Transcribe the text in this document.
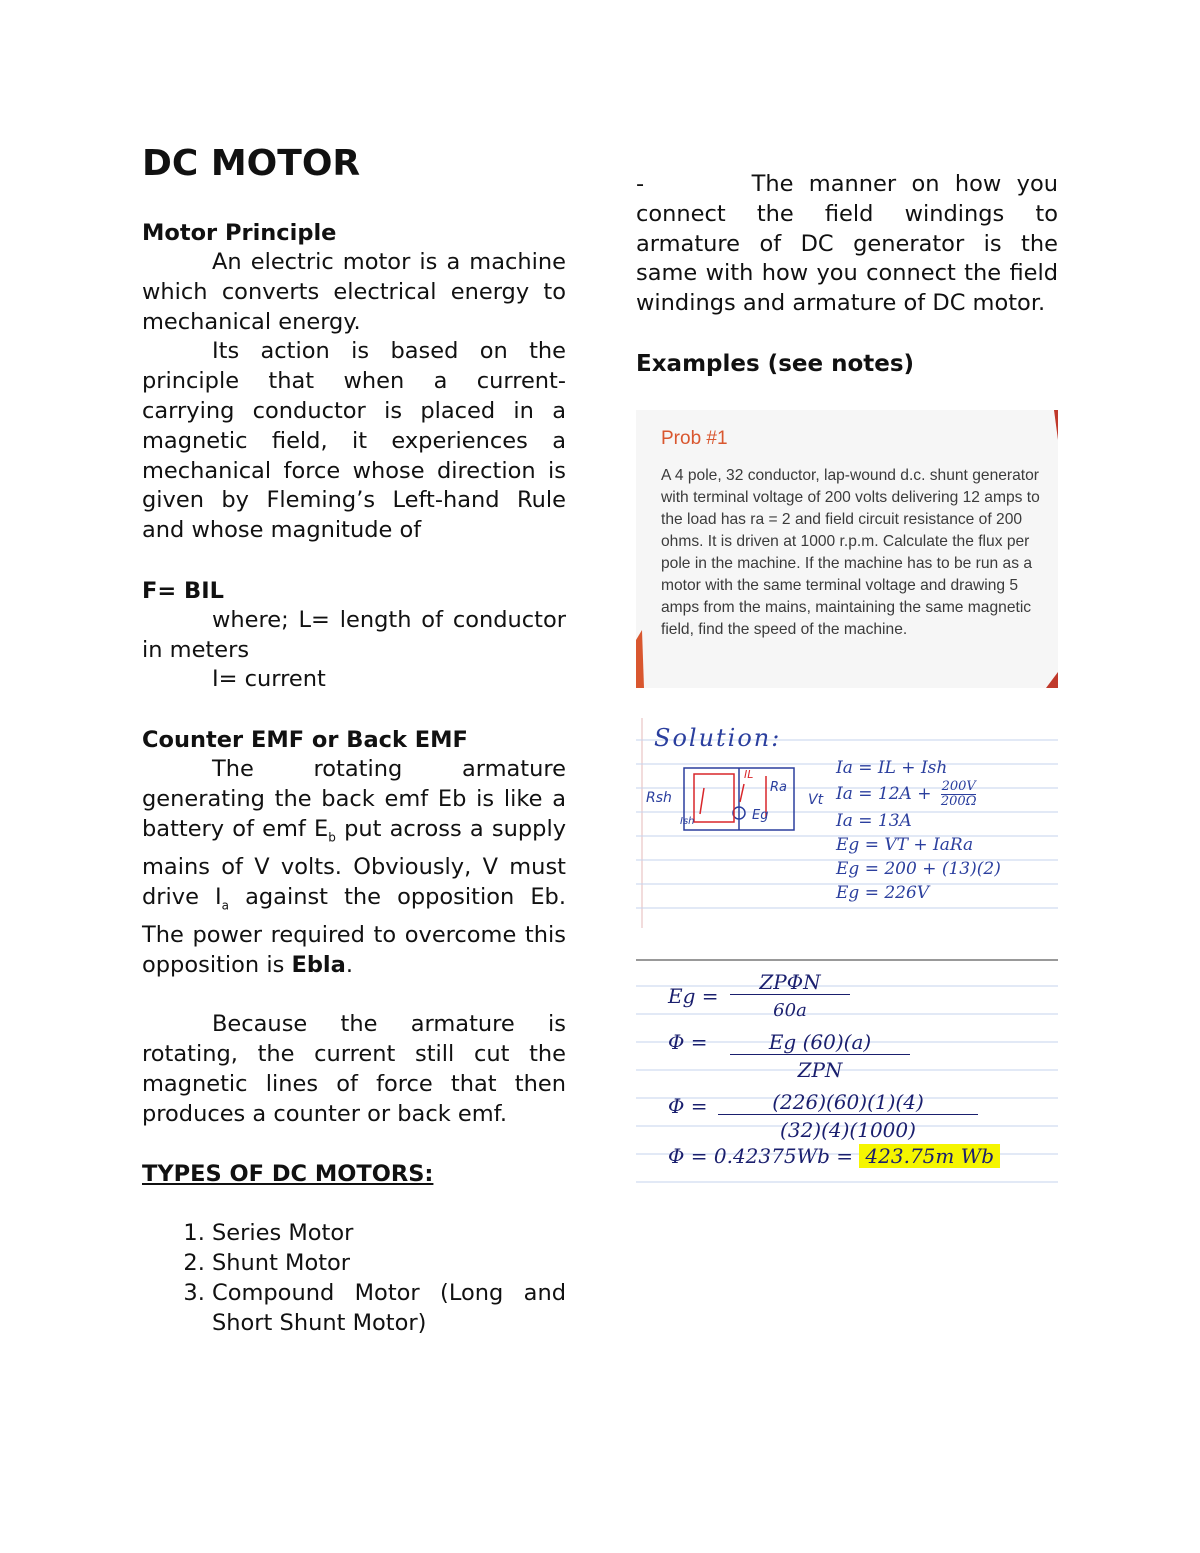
DC MOTOR
Motor Principle

An electric motor is a machine which converts electrical energy to mechanical energy.

Its action is based on the principle that when a current-carrying conductor is placed in a magnetic field, it experiences a mechanical force whose direction is given by Fleming’s Left-hand Rule and whose magnitude of

F= BIL

where; L= length of conductor in meters

I= current

Counter EMF or Back EMF

The rotating armature generating the back emf Eb is like a battery of emf $E_b$ put across a supply mains of V volts. Obviously, V must drive $I_a$ against the opposition Eb. The power required to overcome this opposition is Ebla.

Because the armature is rotating, the current still cut the magnetic lines of force that then produces a counter or back emf.

TYPES OF DC MOTORS:
1. Series Motor
2. Shunt Motor
3. Compound Motor (Long and Short Shunt Motor)

-       The manner on how you connect the field windings to armature of DC generator is the same with how you connect the field windings and armature of DC motor.

Examples (see notes)
Prob #1
A 4 pole, 32 conductor, lap-wound d.c. shunt generator with terminal voltage of 200 volts delivering 12 amps to the load has ra = 2 and field circuit resistance of 200 ohms. It is driven at 1000 r.p.m. Calculate the flux per pole in the machine. If the machine has to be run as a motor with the same terminal voltage and drawing 5 amps from the mains, maintaining the same magnetic field, find the speed of the machine.
Solution:
Rsh
Ish
Ra
Vt
Eg
IL	Ia = IL + Ish
$Ia = 12A + \frac{200V}{200\Omega}$
Ia = 13A
Eg = VT + IaRa
Eg = 200 + (13)(2)
Eg = 226V
Eg =
ZPΦN
60a
Φ =	Eg (60)(a)
ZPN
Φ =	(226)(60)(1)(4)
(32)(4)(1000)
Φ = 0.42375Wb = 423.75m Wb
